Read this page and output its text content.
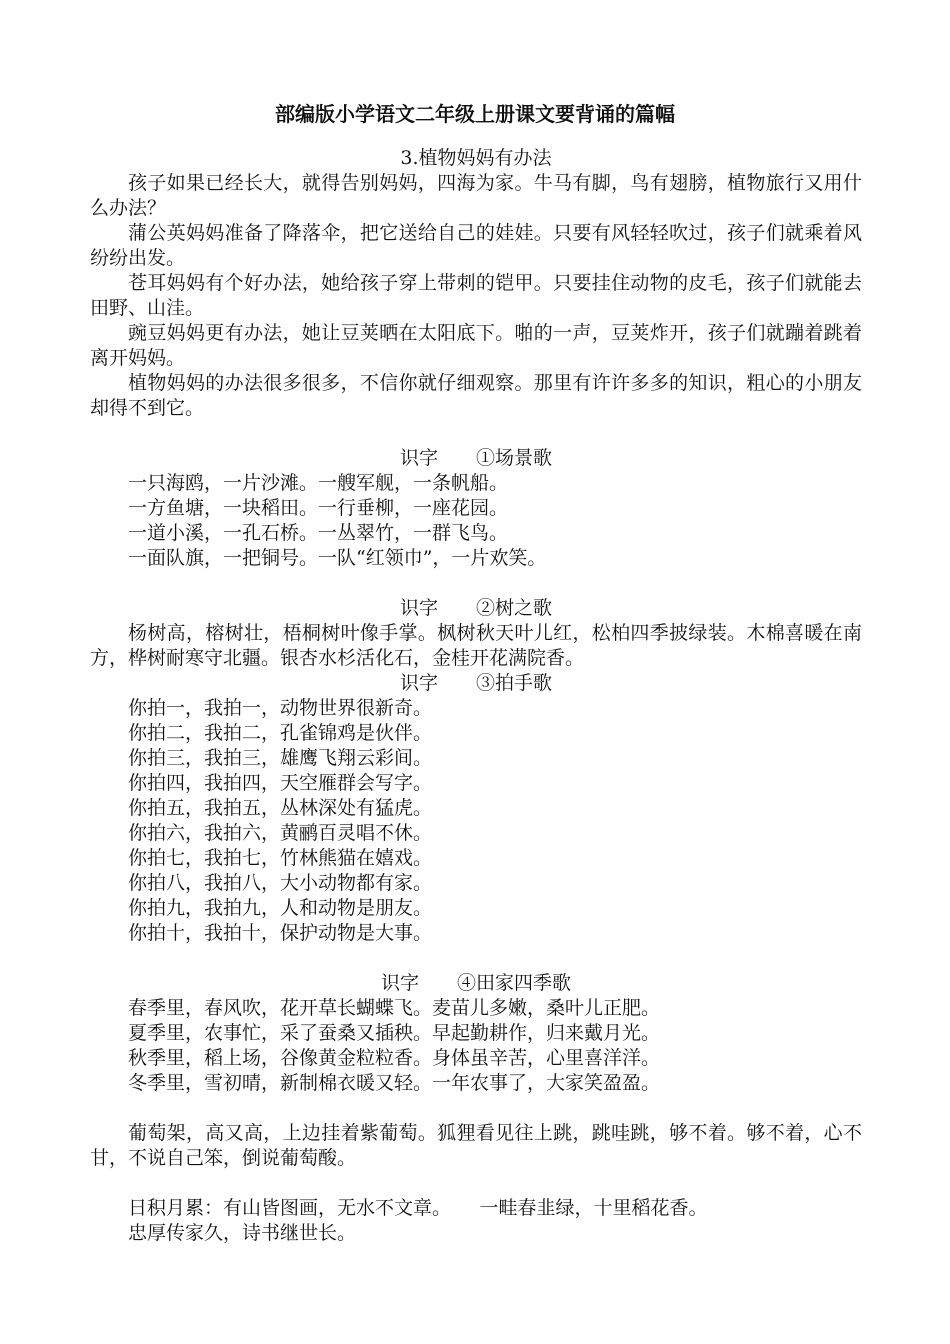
部编版小学语文二年级上册课文要背诵的篇幅
3.植物妈妈有办法

孩子如果已经长大，就得告别妈妈，四海为家。牛马有脚，鸟有翅膀，植物旅行又用什么办法？

蒲公英妈妈准备了降落伞，把它送给自己的娃娃。只要有风轻轻吹过，孩子们就乘着风纷纷出发。

苍耳妈妈有个好办法，她给孩子穿上带刺的铠甲。只要挂住动物的皮毛，孩子们就能去田野、山洼。

豌豆妈妈更有办法，她让豆荚晒在太阳底下。啪的一声，豆荚炸开，孩子们就蹦着跳着离开妈妈。

植物妈妈的办法很多很多，不信你就仔细观察。那里有许许多多的知识，粗心的小朋友却得不到它。

识字　　①场景歌
一只海鸥，一片沙滩。一艘军舰，一条帆船。
一方鱼塘，一块稻田。一行垂柳，一座花园。
一道小溪，一孔石桥。一丛翠竹，一群飞鸟。
一面队旗，一把铜号。一队“红领巾”，一片欢笑。
识字　　②树之歌

杨树高，榕树壮，梧桐树叶像手掌。枫树秋天叶儿红，松柏四季披绿装。木棉喜暖在南方，桦树耐寒守北疆。银杏水杉活化石，金桂开花满院香。

识字　　③拍手歌
你拍一，我拍一，动物世界很新奇。
你拍二，我拍二，孔雀锦鸡是伙伴。
你拍三，我拍三，雄鹰飞翔云彩间。
你拍四，我拍四，天空雁群会写字。
你拍五，我拍五，丛林深处有猛虎。
你拍六，我拍六，黄鹂百灵唱不休。
你拍七，我拍七，竹林熊猫在嬉戏。
你拍八，我拍八，大小动物都有家。
你拍九，我拍九，人和动物是朋友。
你拍十，我拍十，保护动物是大事。
识字　　④田家四季歌
春季里，春风吹，花开草长蝴蝶飞。麦苗儿多嫩，桑叶儿正肥。
夏季里，农事忙，采了蚕桑又插秧。早起勤耕作，归来戴月光。
秋季里，稻上场，谷像黄金粒粒香。身体虽辛苦，心里喜洋洋。
冬季里，雪初晴，新制棉衣暖又轻。一年农事了，大家笑盈盈。

葡萄架，高又高，上边挂着紫葡萄。狐狸看见往上跳，跳哇跳，够不着。够不着，心不甘，不说自己笨，倒说葡萄酸。

日积月累：有山皆图画，无水不文章。　　一畦春韭绿，十里稻花香。
忠厚传家久，诗书继世长。
